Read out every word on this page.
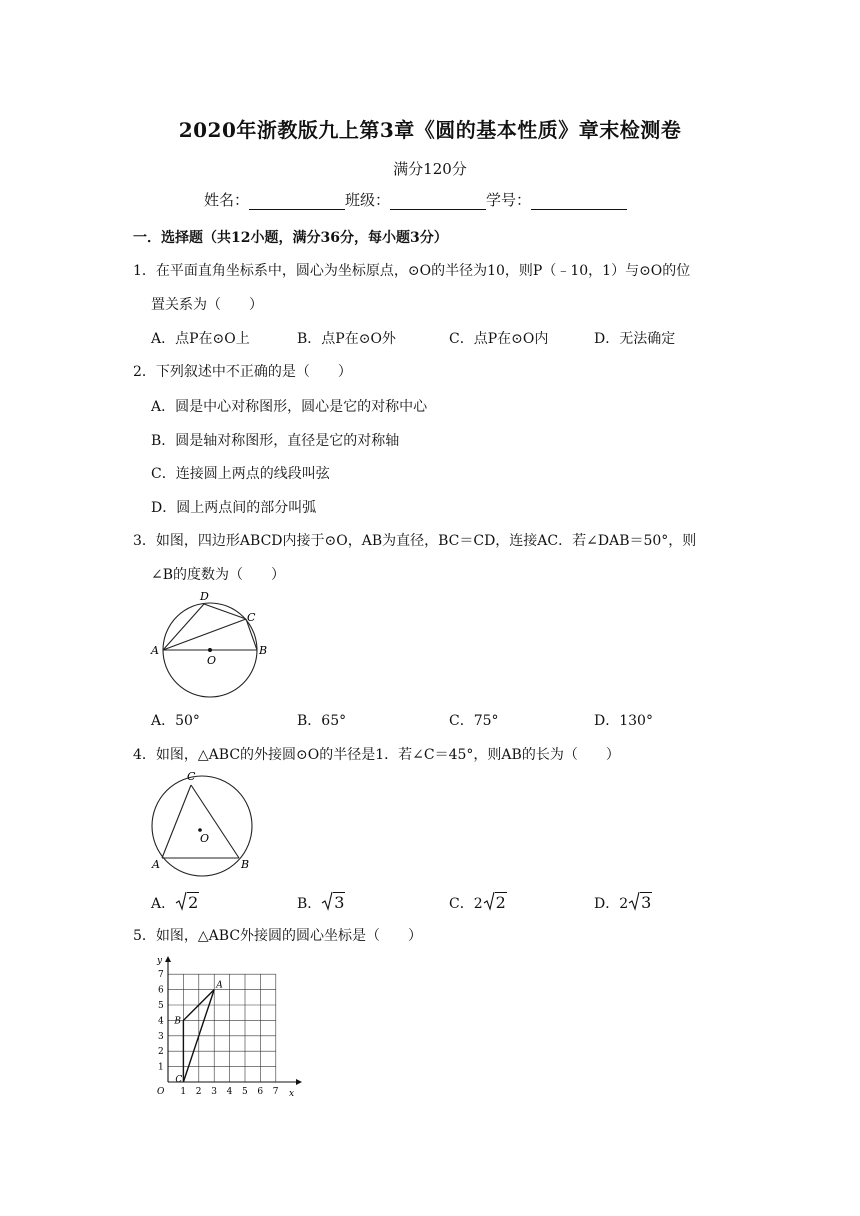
2020年浙教版九上第3章《圆的基本性质》章末检测卷
满分120分
姓名：	班级：	学号：
一．选择题（共12小题，满分36分，每小题3分）
1．在平面直角坐标系中，圆心为坐标原点，⊙O的半径为10，则P（﹣10，1）与⊙O的位
置关系为（　　）
A．点P在⊙O上	B．点P在⊙O外	C．点P在⊙O内	D．无法确定
2．下列叙述中不正确的是（　　）
A．圆是中心对称图形，圆心是它的对称中心
B．圆是轴对称图形，直径是它的对称轴
C．连接圆上两点的线段叫弦
D．圆上两点间的部分叫弧
3．如图，四边形ABCD内接于⊙O，AB为直径，BC＝CD，连接AC．若∠DAB＝50°，则
∠B的度数为（　　）
A	B
C
D
O
A．50°	B．65°	C．75°	D．130°
4．如图，△ABC的外接圆⊙O的半径是1．若∠C＝45°，则AB的长为（　　）
A	B
C
O
A． 2	B． 3	C．2 2	D．2 3
5．如图，△ABC外接圆的圆心坐标是（　　）
x
y
O 1 2 3 4 5 6 7
1
2
3
4
5
6
7
A
B
C
